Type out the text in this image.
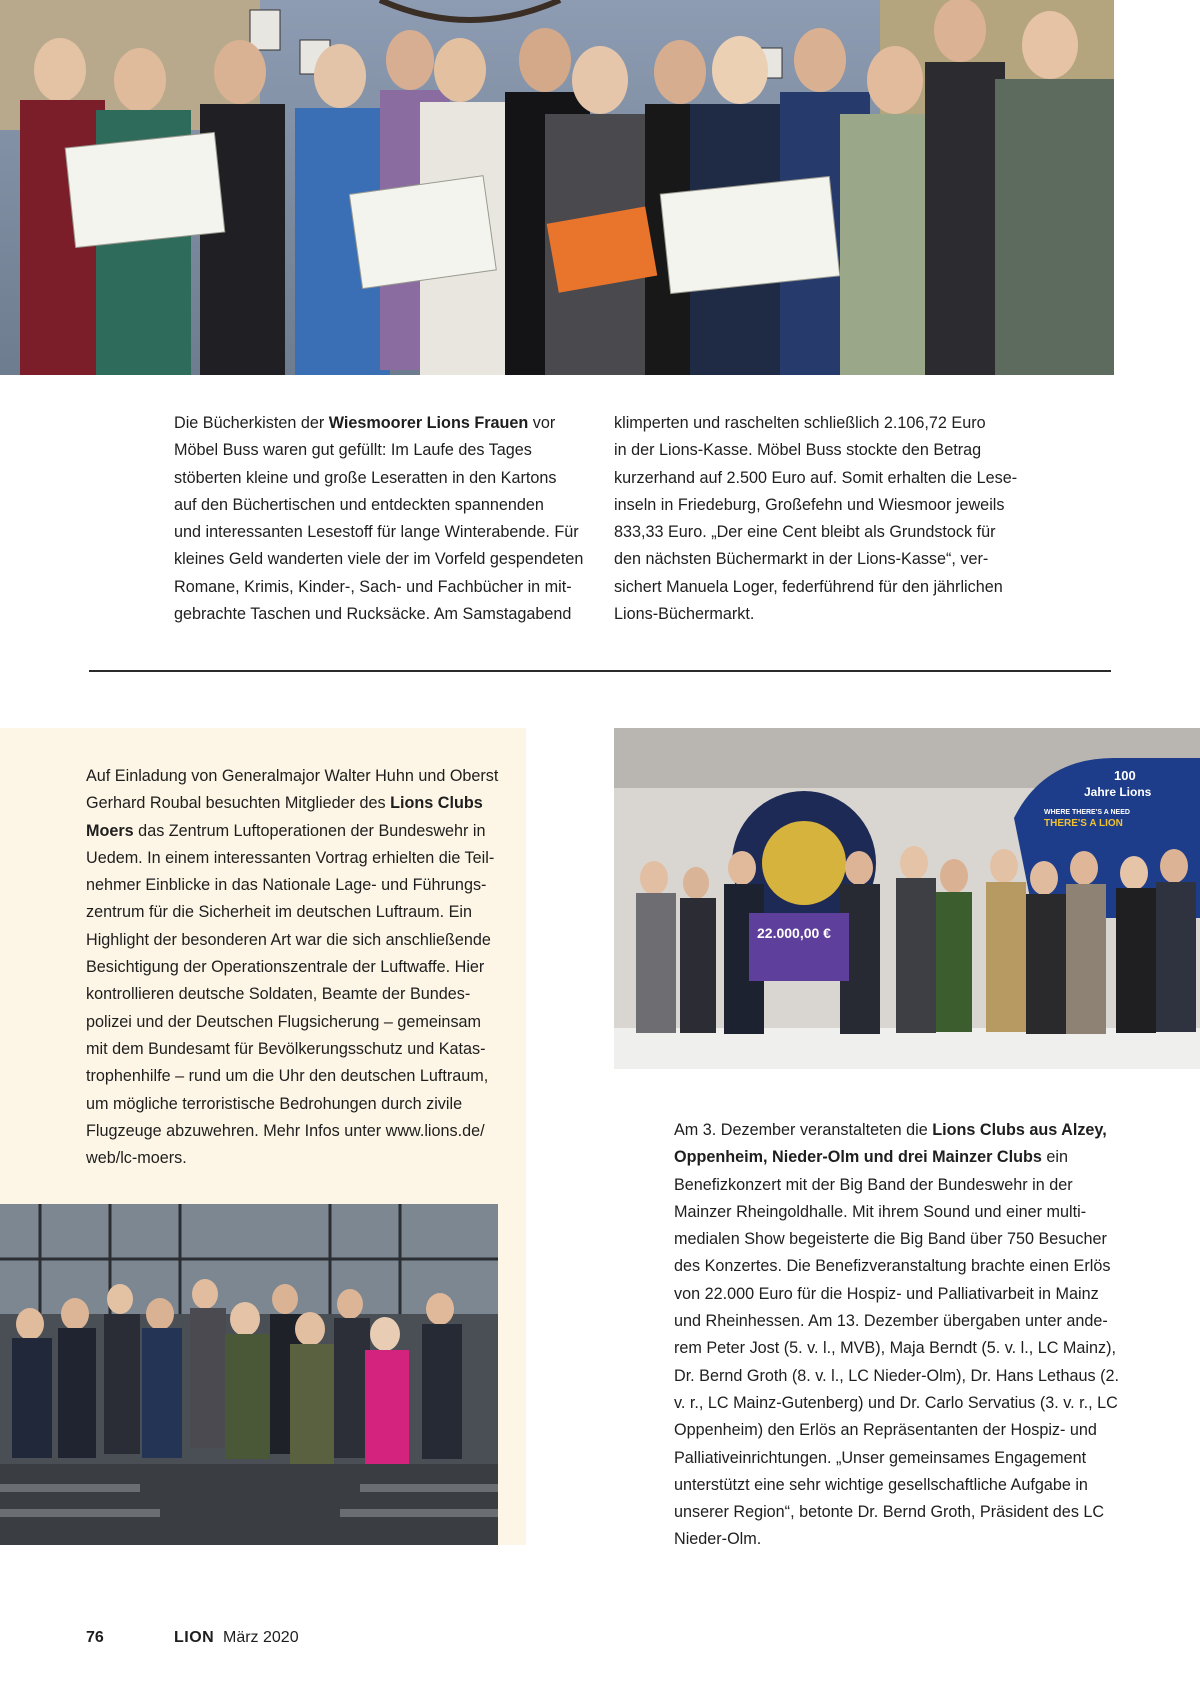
Die Bücherkisten der Wiesmoorer Lions Frauen vor
Möbel Buss waren gut gefüllt: Im Laufe des Tages
stöberten kleine und große Leseratten in den Kartons
auf den Büchertischen und entdeckten spannenden
und interessanten Lesestoff für lange Winterabende. Für
kleines Geld wanderten viele der im Vorfeld gespendeten
Romane, Krimis, Kinder-, Sach- und Fachbücher in mit-
gebrachte Taschen und Rucksäcke. Am Samstagabend

klimperten und raschelten schließlich 2.106,72 Euro
in der Lions-Kasse. Möbel Buss stockte den Betrag
kurzerhand auf 2.500 Euro auf. Somit erhalten die Lese-
inseln in Friedeburg, Großefehn und Wiesmoor jeweils
833,33 Euro. „Der eine Cent bleibt als Grundstock für
den nächsten Büchermarkt in der Lions-Kasse“, ver-
sichert Manuela Loger, federführend für den jährlichen
Lions-Büchermarkt.

Auf Einladung von Generalmajor Walter Huhn und Oberst
Gerhard Roubal besuchten Mitglieder des Lions Clubs
Moers das Zentrum Luftoperationen der Bundeswehr in
Uedem. In einem interessanten Vortrag erhielten die Teil-
nehmer Einblicke in das Nationale Lage- und Führungs-
zentrum für die Sicherheit im deutschen Luftraum. Ein
Highlight der besonderen Art war die sich anschließende
Besichtigung der Operationszentrale der Luftwaffe. Hier
kontrollieren deutsche Soldaten, Beamte der Bundes-
polizei und der Deutschen Flugsicherung – gemeinsam
mit dem Bundesamt für Bevölkerungsschutz und Katas-
trophenhilfe – rund um die Uhr den deutschen Luftraum,
um mögliche terroristische Bedrohungen durch zivile
Flugzeuge abzuwehren. Mehr Infos unter www.lions.de/
web/lc-moers.

100
Jahre Lions
WHERE THERE'S A NEED
THERE'S A LION
22.000,00 €

Am 3. Dezember veranstalteten die Lions Clubs aus Alzey,
Oppenheim, Nieder-Olm und drei Mainzer Clubs ein
Benefizkonzert mit der Big Band der Bundeswehr in der
Mainzer Rheingoldhalle. Mit ihrem Sound und einer multi-
medialen Show begeisterte die Big Band über 750 Besucher
des Konzertes. Die Benefizveranstaltung brachte einen Erlös
von 22.000 Euro für die Hospiz- und Palliativarbeit in Mainz
und Rheinhessen. Am 13. Dezember übergaben unter ande-
rem Peter Jost (5. v. l., MVB), Maja Berndt (5. v. l., LC Mainz),
Dr. Bernd Groth (8. v. l., LC Nieder-Olm), Dr. Hans Lethaus (2.
v. r., LC Mainz-Gutenberg) und Dr. Carlo Servatius (3. v. r., LC
Oppenheim) den Erlös an Repräsentanten der Hospiz- und
Palliativeinrichtungen. „Unser gemeinsames Engagement
unterstützt eine sehr wichtige gesellschaftliche Aufgabe in
unserer Region“, betonte Dr. Bernd Groth, Präsident des LC
Nieder-Olm.

76	LION März 2020
